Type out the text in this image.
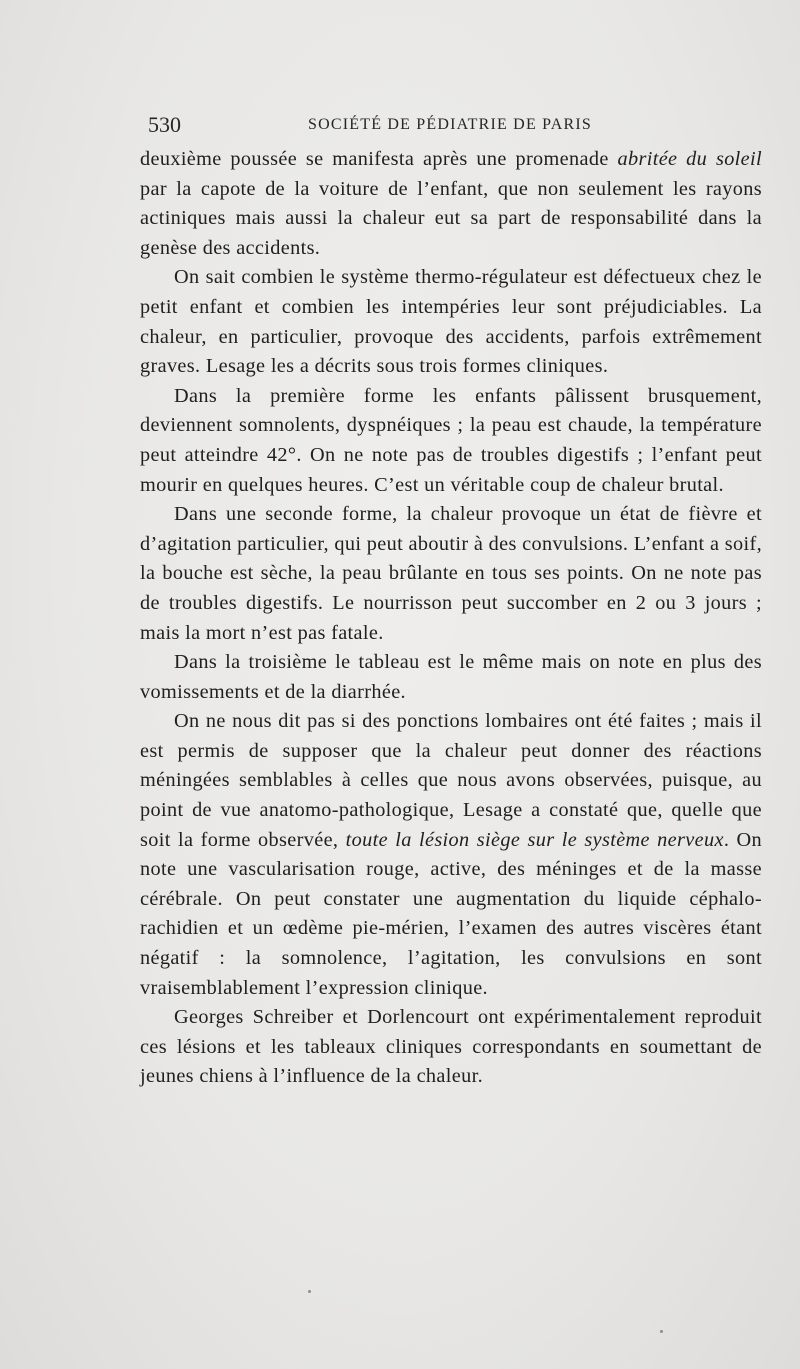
530	SOCIÉTÉ DE PÉDIATRIE DE PARIS

deuxième poussée se manifesta après une promenade abritée du soleil par la capote de la voiture de l’enfant, que non seulement les rayons actiniques mais aussi la chaleur eut sa part de responsabilité dans la genèse des accidents.

On sait combien le système thermo-régulateur est défectueux chez le petit enfant et combien les intempéries leur sont préjudiciables. La chaleur, en particulier, provoque des accidents, parfois extrêmement graves. Lesage les a décrits sous trois formes cliniques.

Dans la première forme les enfants pâlissent brusquement, deviennent somnolents, dyspnéiques ; la peau est chaude, la température peut atteindre 42°. On ne note pas de troubles digestifs ; l’enfant peut mourir en quelques heures. C’est un véritable coup de chaleur brutal.

Dans une seconde forme, la chaleur provoque un état de fièvre et d’agitation particulier, qui peut aboutir à des convulsions. L’enfant a soif, la bouche est sèche, la peau brûlante en tous ses points. On ne note pas de troubles digestifs. Le nourrisson peut succomber en 2 ou 3 jours ; mais la mort n’est pas fatale.

Dans la troisième le tableau est le même mais on note en plus des vomissements et de la diarrhée.

On ne nous dit pas si des ponctions lombaires ont été faites ; mais il est permis de supposer que la chaleur peut donner des réactions méningées semblables à celles que nous avons observées, puisque, au point de vue anatomo-pathologique, Lesage a constaté que, quelle que soit la forme observée, toute la lésion siège sur le système nerveux. On note une vascularisation rouge, active, des méninges et de la masse cérébrale. On peut constater une augmentation du liquide céphalo-rachidien et un œdème pie-mérien, l’examen des autres viscères étant négatif : la somnolence, l’agitation, les convulsions en sont vraisemblablement l’expression clinique.

Georges Schreiber et Dorlencourt ont expérimentalement reproduit ces lésions et les tableaux cliniques correspondants en soumettant de jeunes chiens à l’influence de la chaleur.
